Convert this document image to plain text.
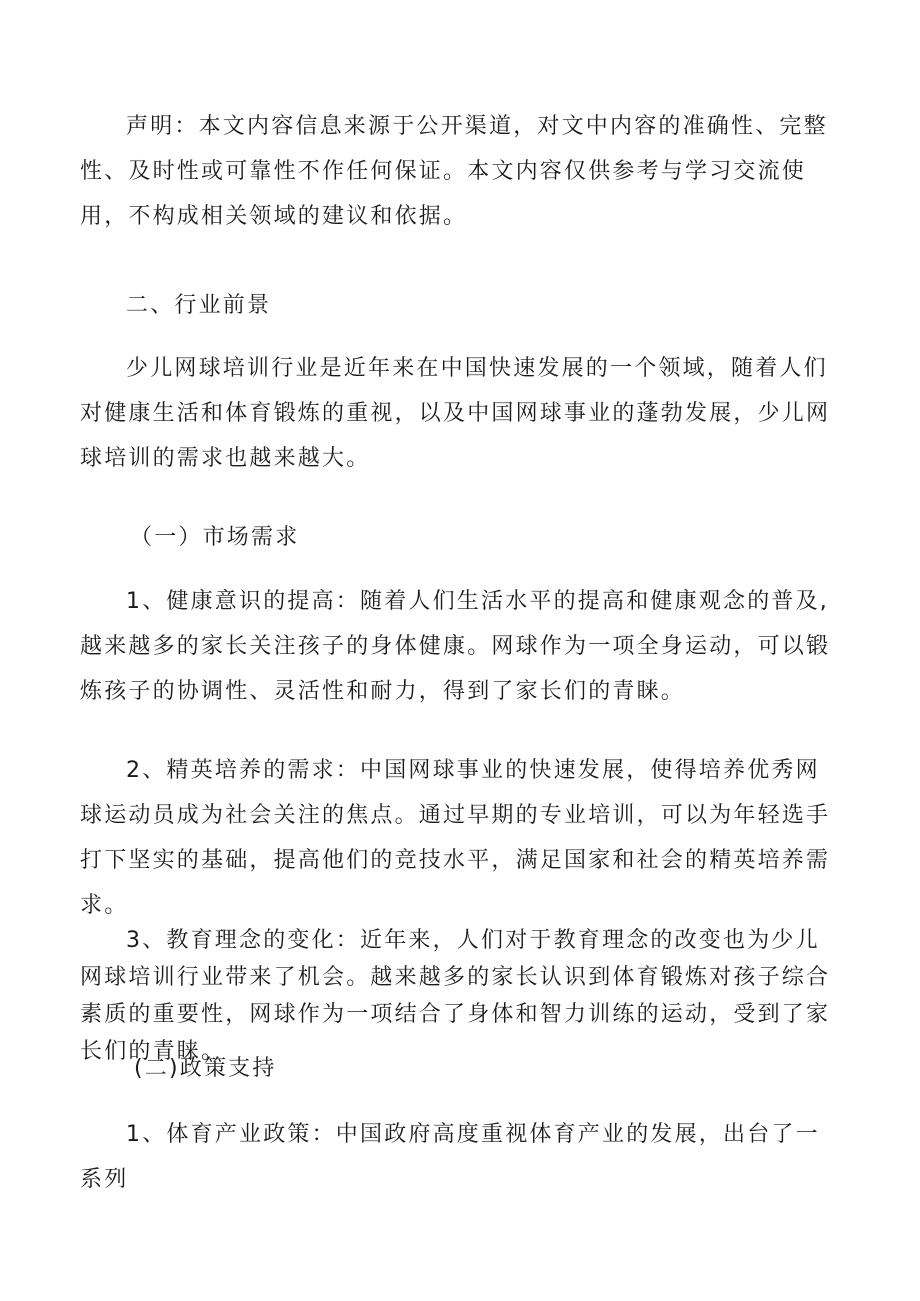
声明：本文内容信息来源于公开渠道，对文中内容的准确性、完整性、及时性或可靠性不作任何保证。本文内容仅供参考与学习交流使用，不构成相关领域的建议和依据。

二、行业前景

少儿网球培训行业是近年来在中国快速发展的一个领域，随着人们对健康生活和体育锻炼的重视，以及中国网球事业的蓬勃发展，少儿网球培训的需求也越来越大。

（一）市场需求

1、健康意识的提高：随着人们生活水平的提高和健康观念的普及,越来越多的家长关注孩子的身体健康。网球作为一项全身运动，可以锻炼孩子的协调性、灵活性和耐力，得到了家长们的青睐。

2、精英培养的需求：中国网球事业的快速发展，使得培养优秀网球运动员成为社会关注的焦点。通过早期的专业培训，可以为年轻选手打下坚实的基础，提高他们的竞技水平，满足国家和社会的精英培养需求。

3、教育理念的变化：近年来，人们对于教育理念的改变也为少儿网球培训行业带来了机会。越来越多的家长认识到体育锻炼对孩子综合素质的重要性，网球作为一项结合了身体和智力训练的运动，受到了家长们的青睐。

(二)政策支持

1、体育产业政策：中国政府高度重视体育产业的发展，出台了一系列
